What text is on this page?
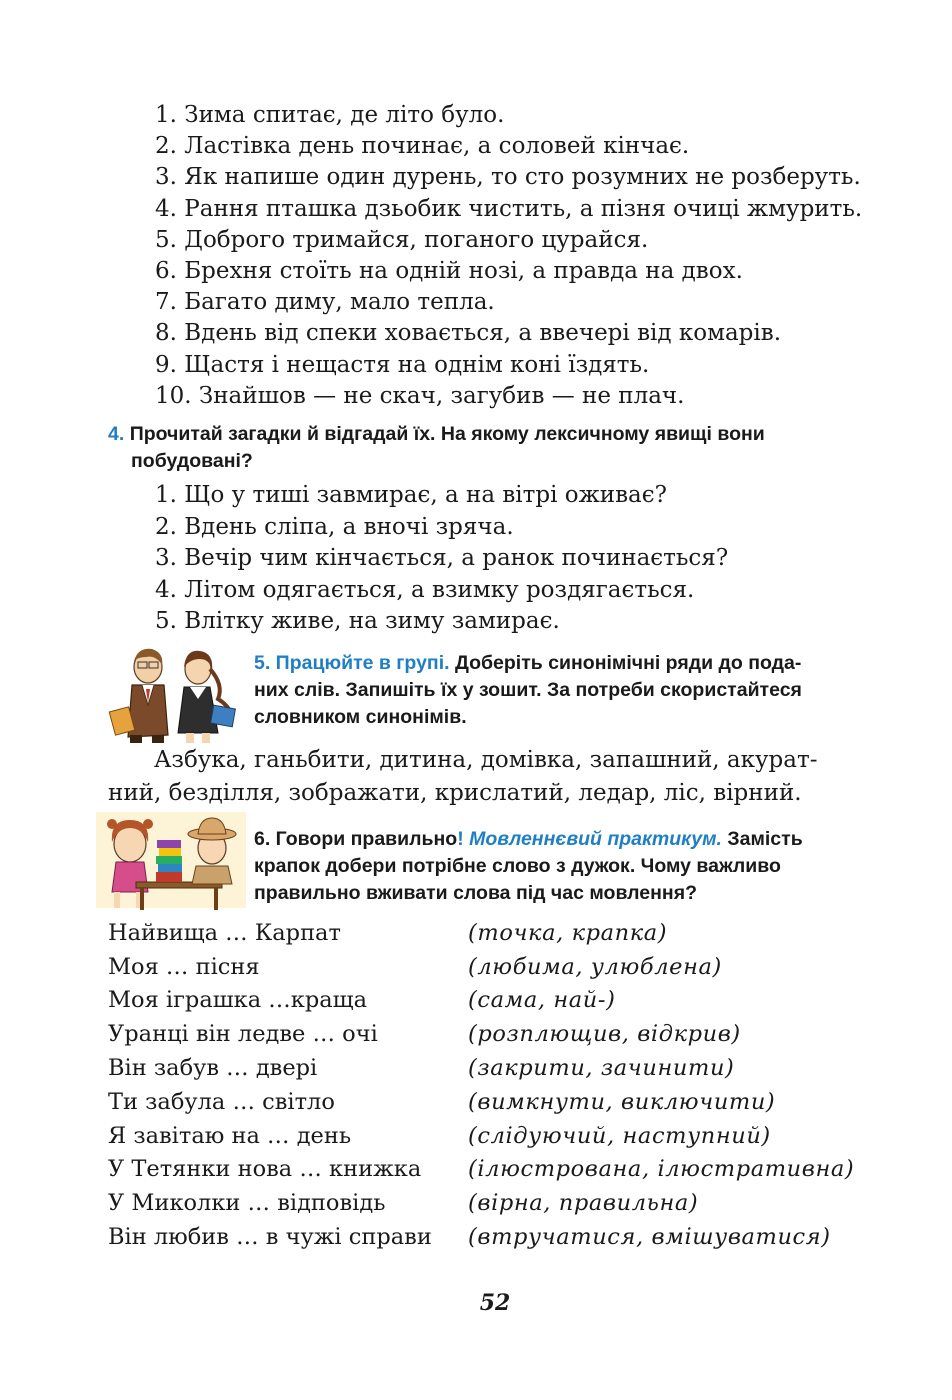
1. Зима спитає, де літо було.
2. Ластівка день починає, а соловей кінчає.
3. Як напише один дурень, то сто розумних не розберуть.
4. Рання пташка дзьобик чистить, а пізня очиці жмурить.
5. Доброго тримайся, поганого цурайся.
6. Брехня стоїть на одній нозі, а правда на двох.
7. Багато диму, мало тепла.
8. Вдень від спеки ховається, а ввечері від комарів.
9. Щастя і нещастя на однім коні їздять.
10. Знайшов — не скач, загубив — не плач.
4. Прочитай загадки й відгадай їх. На якому лексичному явищі вони
побудовані?
1. Що у тиші завмирає, а на вітрі оживає?
2. Вдень сліпа, а вночі зряча.
3. Вечір чим кінчається, а ранок починається?
4. Літом одягається, а взимку роздягається.
5. Влітку живе, на зиму замирає.
5. Працюйте в групі. Доберіть синонімічні ряди до пода-
них слів. Запишіть їх у зошит. За потреби скористайтеся
словником синонімів.

Азбука, ганьбити, дитина, домівка, запашний, акурат-

ний, безділля, зображати, крислатий, ледар, ліс, вірний.

6. Говори правильно! Мовленнєвий практикум. Замість
крапок добери потрібне слово з дужок. Чому важливо
правильно вживати слова під час мовлення?
Найвища … Карпат	(точка, крапка)
Моя … пісня	(любима, улюблена)
Моя іграшка …краща	(сама, най-)
Уранці він ледве … очі	(розплющив, відкрив)
Він забув … двері	(закрити, зачинити)
Ти забула … світло	(вимкнути, виключити)
Я завітаю на … день	(слідуючий, наступний)
У Тетянки нова … книжка	(ілюстрована, ілюстративна)
У Миколки … відповідь	(вірна, правильна)
Він любив … в чужі справи	(втручатися, вмішуватися)
52
